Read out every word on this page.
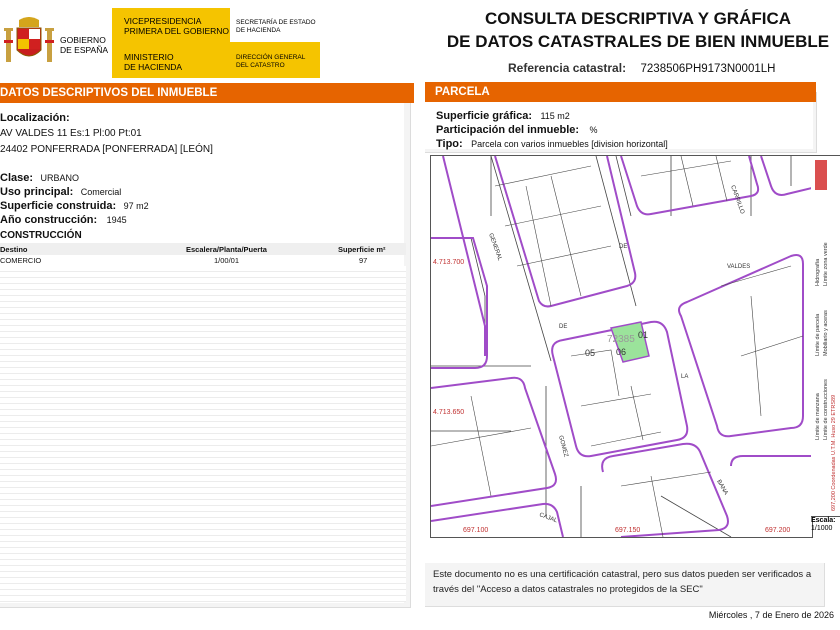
GOBIERNO
DE ESPAÑA
VICEPRESIDENCIA
PRIMERA DEL GOBIERNO
MINISTERIO
DE HACIENDA
SECRETARÍA DE ESTADO
DE HACIENDA
DIRECCIÓN GENERAL
DEL CATASTRO
CONSULTA DESCRIPTIVA Y GRÁFICA
DE DATOS CATASTRALES DE BIEN INMUEBLE
Referencia catastral: 7238506PH9173N0001LH
DATOS DESCRIPTIVOS DEL INMUEBLE
Localización:
AV VALDES 11 Es:1 Pl:00 Pt:01
24402 PONFERRADA [PONFERRADA] [LEÓN]
Clase: URBANO
Uso principal: Comercial
Superficie construida: 97 m2
Año construcción: 1945
CONSTRUCCIÓN
Destino	Escalera/Planta/Puerta	Superficie m²
COMERCIO	1/00/01	97
PARCELA
Superficie gráfica: 115 m2
Participación del inmueble: %
Tipo: Parcela con varios inmuebles [division horizontal]
72385
05 06
01
4.713.700
4.713.650
697.100	697.150	697.200
VALDES
DE
DE
LA
GENERAL
GOMEZ
CAJAL
CARRILLO
BANA
Hidrografía Límite zona verde
Límite de parcela Mobiliario y aceras
Límite de manzana Límite de construcciones 697,200 Coordenadas U.T.M. Huso 29 ETRS89
Escala:
1/1000
Este documento no es una certificación catastral, pero sus datos pueden ser verificados a través del "Acceso a datos catastrales no protegidos de la SEC"
Miércoles , 7 de Enero de 2026
